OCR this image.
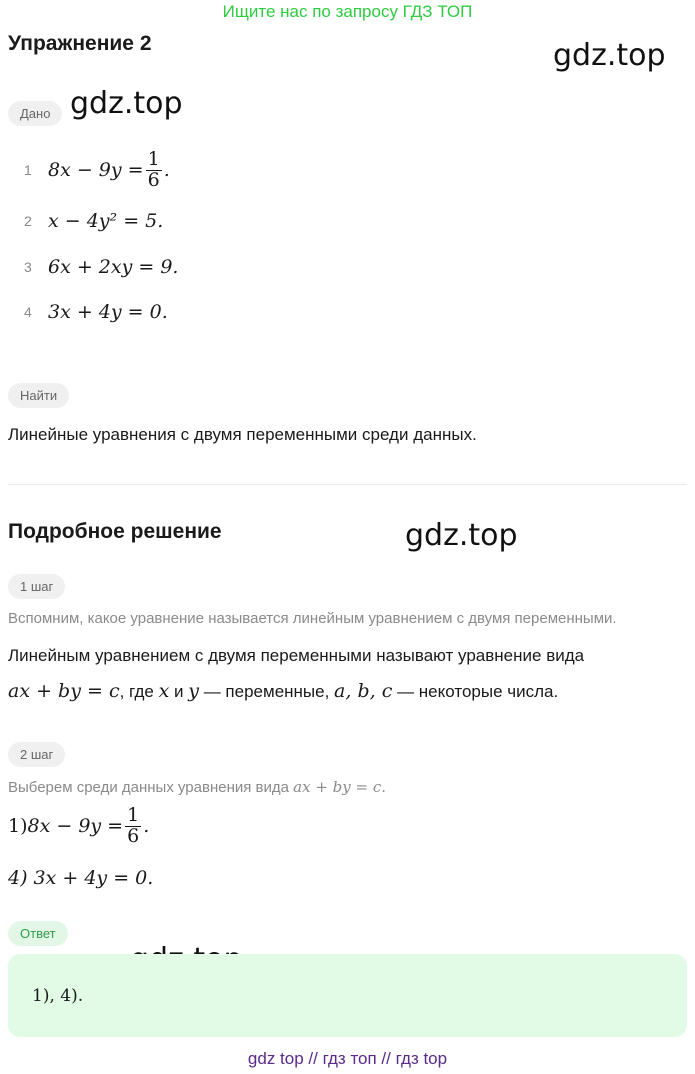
Ищите нас по запросу ГДЗ ТОП
Упражнение 2	gdz.top
gdz.top
gdz.top
Дано
1 $8x - 9y = \frac{1}{6}$ .
2 x − 4y² = 5.
3 6x + 2xy = 9.
4 3x + 4y = 0.
Найти
Линейные уравнения с двумя переменными среди данных.
Подробное решение
1 шаг
Вспомним, какое уравнение называется линейным уравнением с двумя переменными.
Линейным уравнением с двумя переменными называют уравнение вида
ax + by = c, где x и y — переменные, a, b, c — некоторые числа.
2 шаг
Выберем среди данных уравнения вида ax + by = c.
1) $8x - 9y = \frac{1}{6}$ .
4) 3x + 4y = 0.
Ответ
1), 4).
gdz top // гдз топ // гдз top
